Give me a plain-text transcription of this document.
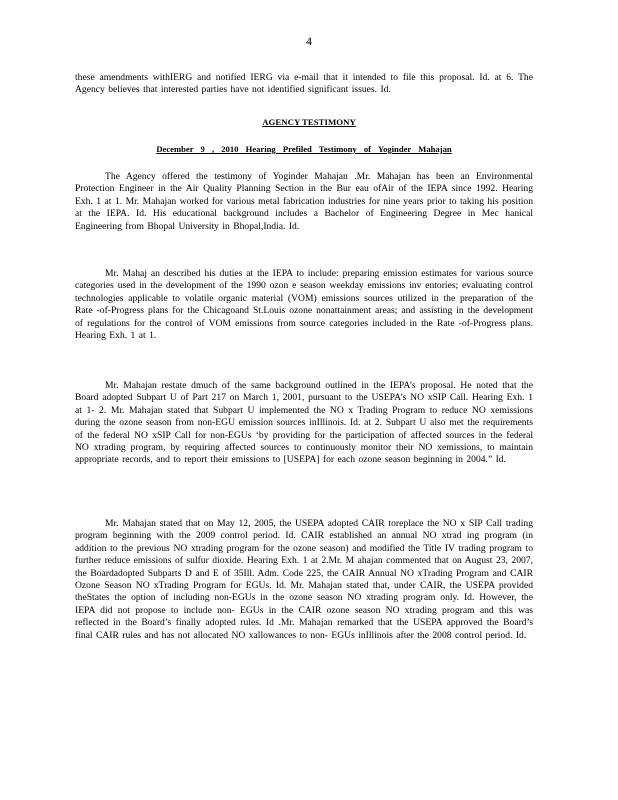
4

these amendments withIERG and notified IERG via e-mail that it intended to file this proposal. Id. at 6. The Agency believes that interested parties have not identified significant issues. Id.

AGENCY TESTIMONY
December 9 , 2010 Hearing Prefiled Testimony of Yoginder Mahajan

The Agency offered the testimony of Yoginder Mahajan .Mr. Mahajan has been an Environmental Protection Engineer in the Air Quality Planning Section in the Bur eau ofAir of the IEPA since 1992. Hearing Exh. 1 at 1. Mr. Mahajan worked for various metal fabrication industries for nine years prior to taking his position at the IEPA. Id. His educational background includes a Bachelor of Engineering Degree in Mec hanical Engineering from Bhopal University in Bhopal,India. Id.

Mr. Mahaj an described his duties at the IEPA to include: preparing emission estimates for various source categories used in the development of the 1990 ozon e season weekday emissions inv entories; evaluating control technologies applicable to volatile organic material (VOM) emissions sources utilized in the preparation of the Rate -of-Progress plans for the Chicagoand St.Louis ozone nonattainment areas; and assisting in the development of regulations for the control of VOM emissions from source categories included in the Rate -of-Progress plans. Hearing Exh. 1 at 1.

Mr. Mahajan restate dmuch of the same background outlined in the IEPA’s proposal. He noted that the Board adopted Subpart U of Part 217 on March 1, 2001, pursuant to the USEPA’s NO xSIP Call. Hearing Exh. 1 at 1- 2. Mr. Mahajan stated that Subpart U implemented the NO x Trading Program to reduce NO xemissions during the ozone season from non-EGU emission sources inIllinois. Id. at 2. Subpart U also met the requirements of the federal NO xSIP Call for non-EGUs ‘by providing for the participation of affected sources in the federal NO xtrading program, by requiring affected sources to continuously monitor their NO xemissions, to maintain appropriate records, and to report their emissions to [USEPA] for each ozone season beginning in 2004.” Id.

Mr. Mahajan stated that on May 12, 2005, the USEPA adopted CAIR toreplace the NO x SIP Call trading program beginning with the 2009 control period. Id. CAIR established an annual NO xtrad ing program (in addition to the previous NO xtrading program for the ozone season) and modified the Title IV trading program to further reduce emissions of sulfur dioxide. Hearing Exh. 1 at 2.Mr. M ahajan commented that on August 23, 2007, the Boardadopted Subparts D and E of 35Ill. Adm. Code 225, the CAIR Annual NO xTrading Program and CAIR Ozone Season NO xTrading Program for EGUs. Id. Mr. Mahajan stated that, under CAIR, the USEPA provided theStates the option of including non-EGUs in the ozone season NO xtrading program only. Id. However, the IEPA did not propose to include non- EGUs in the CAIR ozone season NO xtrading program and this was reflected in the Board’s finally adopted rules. Id .Mr. Mahajan remarked that the USEPA approved the Board’s final CAIR rules and has not allocated NO xallowances to non- EGUs inIllinois after the 2008 control period. Id.
